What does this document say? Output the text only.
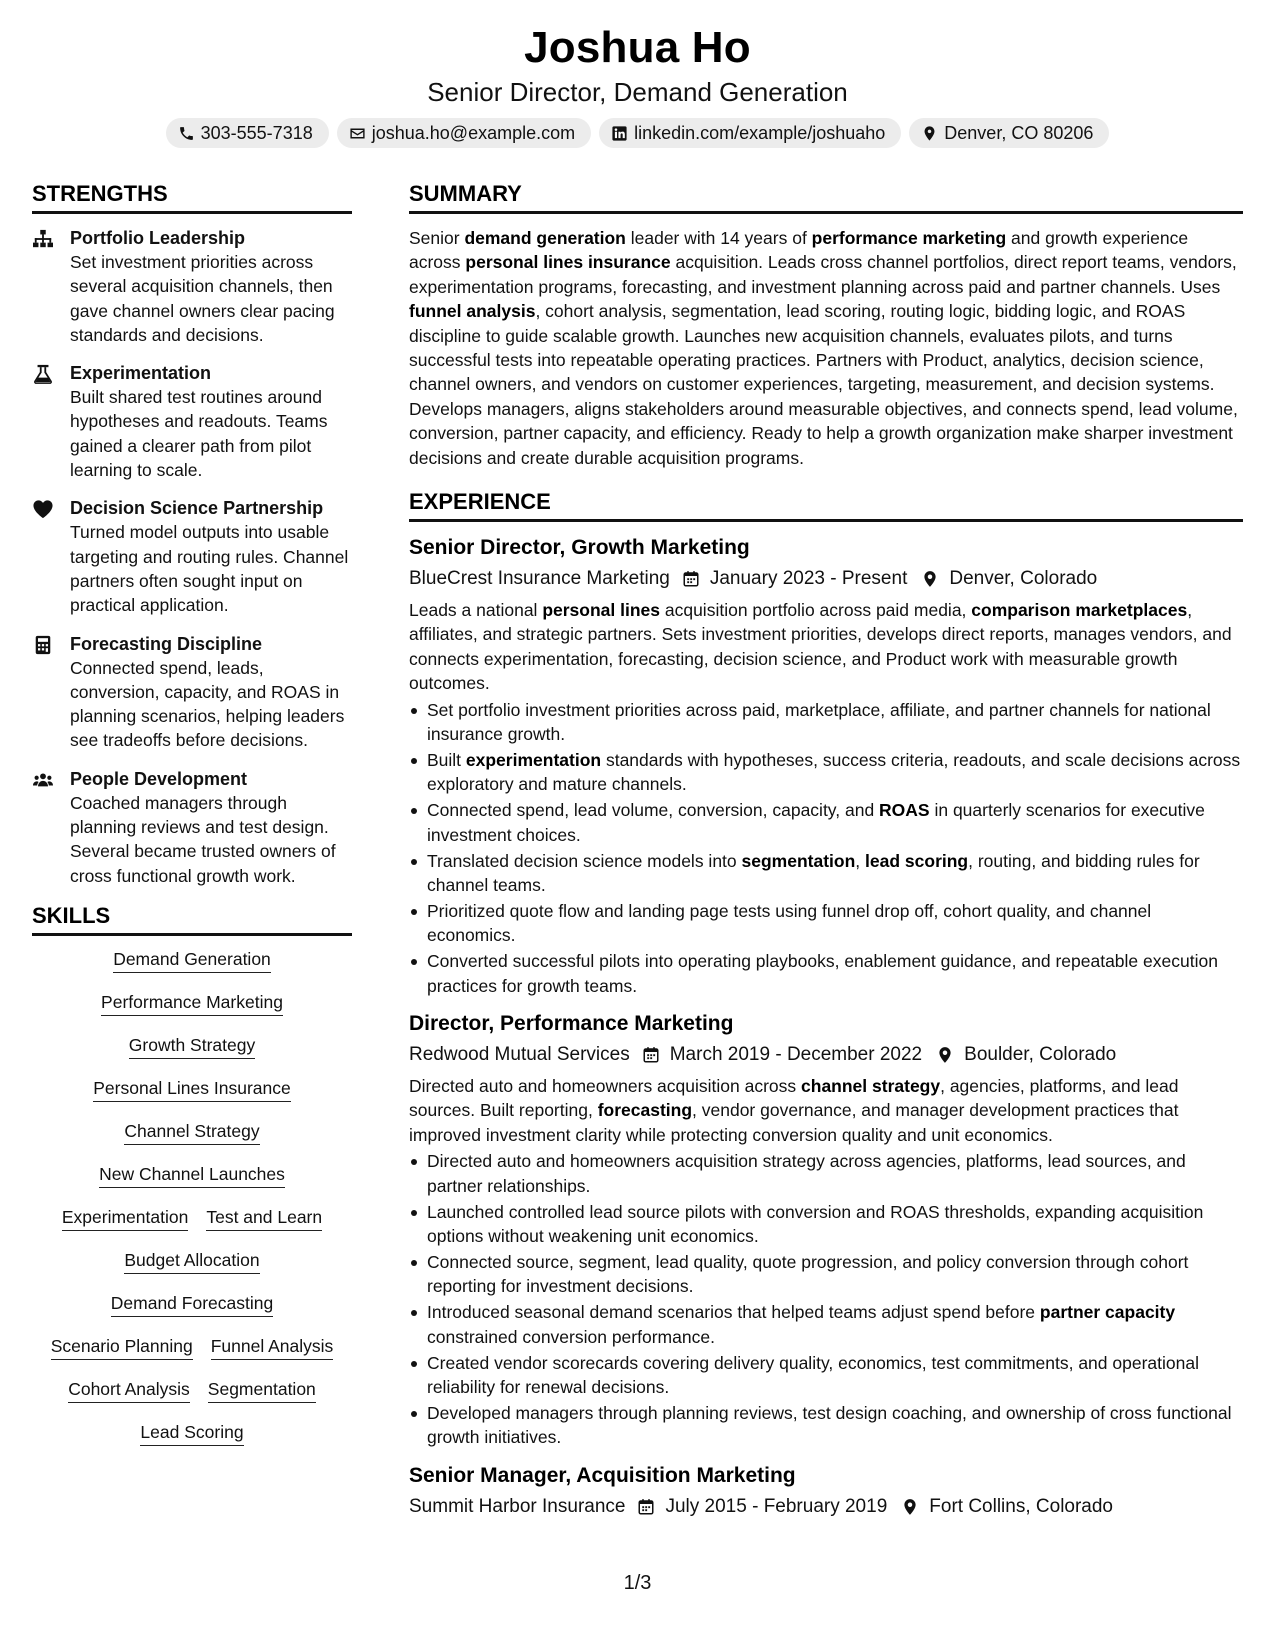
Joshua Ho
Senior Director, Demand Generation
303-555-7318	joshua.ho@example.com	linkedin.com/example/joshuaho	Denver, CO 80206
STRENGTHS
Portfolio Leadership
Set investment priorities across several acquisition channels, then gave channel owners clear pacing standards and decisions.
Experimentation
Built shared test routines around hypotheses and readouts. Teams gained a clearer path from pilot learning to scale.
Decision Science Partnership
Turned model outputs into usable targeting and routing rules. Channel partners often sought input on practical application.
Forecasting Discipline
Connected spend, leads, conversion, capacity, and ROAS in planning scenarios, helping leaders see tradeoffs before decisions.
People Development
Coached managers through planning reviews and test design. Several became trusted owners of cross functional growth work.
SKILLS
Demand Generation
Performance Marketing
Growth Strategy
Personal Lines Insurance
Channel Strategy
New Channel Launches
Experimentation Test and Learn
Budget Allocation
Demand Forecasting
Scenario Planning Funnel Analysis
Cohort Analysis Segmentation
Lead Scoring
SUMMARY
Senior demand generation leader with 14 years of performance marketing and growth experience across personal lines insurance acquisition. Leads cross channel portfolios, direct report teams, vendors, experimentation programs, forecasting, and investment planning across paid and partner channels. Uses funnel analysis, cohort analysis, segmentation, lead scoring, routing logic, bidding logic, and ROAS discipline to guide scalable growth. Launches new acquisition channels, evaluates pilots, and turns successful tests into repeatable operating practices. Partners with Product, analytics, decision science, channel owners, and vendors on customer experiences, targeting, measurement, and decision systems. Develops managers, aligns stakeholders around measurable objectives, and connects spend, lead volume, conversion, partner capacity, and efficiency. Ready to help a growth organization make sharper investment decisions and create durable acquisition programs.
EXPERIENCE
Senior Director, Growth Marketing
BlueCrest Insurance Marketing January 2023 - Present Denver, Colorado
Leads a national personal lines acquisition portfolio across paid media, comparison marketplaces, affiliates, and strategic partners. Sets investment priorities, develops direct reports, manages vendors, and connects experimentation, forecasting, decision science, and Product work with measurable growth outcomes.
Set portfolio investment priorities across paid, marketplace, affiliate, and partner channels for national insurance growth.
Built experimentation standards with hypotheses, success criteria, readouts, and scale decisions across exploratory and mature channels.
Connected spend, lead volume, conversion, capacity, and ROAS in quarterly scenarios for executive investment choices.
Translated decision science models into segmentation, lead scoring, routing, and bidding rules for channel teams.
Prioritized quote flow and landing page tests using funnel drop off, cohort quality, and channel economics.
Converted successful pilots into operating playbooks, enablement guidance, and repeatable execution practices for growth teams.
Director, Performance Marketing
Redwood Mutual Services March 2019 - December 2022 Boulder, Colorado
Directed auto and homeowners acquisition across channel strategy, agencies, platforms, and lead sources. Built reporting, forecasting, vendor governance, and manager development practices that improved investment clarity while protecting conversion quality and unit economics.
Directed auto and homeowners acquisition strategy across agencies, platforms, lead sources, and partner relationships.
Launched controlled lead source pilots with conversion and ROAS thresholds, expanding acquisition options without weakening unit economics.
Connected source, segment, lead quality, quote progression, and policy conversion through cohort reporting for investment decisions.
Introduced seasonal demand scenarios that helped teams adjust spend before partner capacity constrained conversion performance.
Created vendor scorecards covering delivery quality, economics, test commitments, and operational reliability for renewal decisions.
Developed managers through planning reviews, test design coaching, and ownership of cross functional growth initiatives.
Senior Manager, Acquisition Marketing
Summit Harbor Insurance July 2015 - February 2019 Fort Collins, Colorado
1/3
